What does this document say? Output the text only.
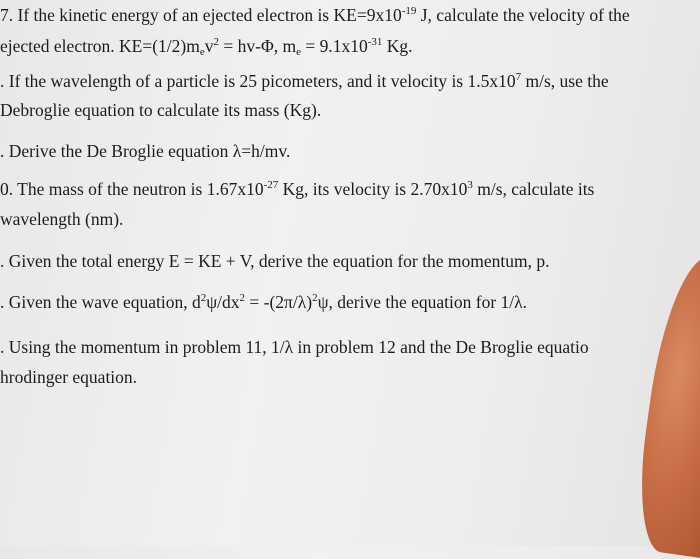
7. If the kinetic energy of an ejected electron is $KE=9x10^{-19}$ J, calculate the velocity of the
ejected electron. $KE=(1/2)m_ev^2 = hv-\Phi$, $m_e = 9.1x10^{-31}$ Kg.
. If the wavelength of a particle is 25 picometers, and it velocity is $1.5x10^7$ m/s, use the
Debroglie equation to calculate its mass (Kg).
. Derive the De Broglie equation λ=h/mv.
0. The mass of the neutron is $1.67x10^{-27}$ Kg, its velocity is $2.70x10^3$ m/s, calculate its
wavelength (nm).
. Given the total energy E = KE + V, derive the equation for the momentum, p.
. Given the wave equation, $d^2\psi/dx^2 = -(2\pi/\lambda)^2\psi$, derive the equation for 1/λ.
. Using the momentum in problem 11, 1/λ in problem 12 and the De Broglie equatio
hrodinger equation.
